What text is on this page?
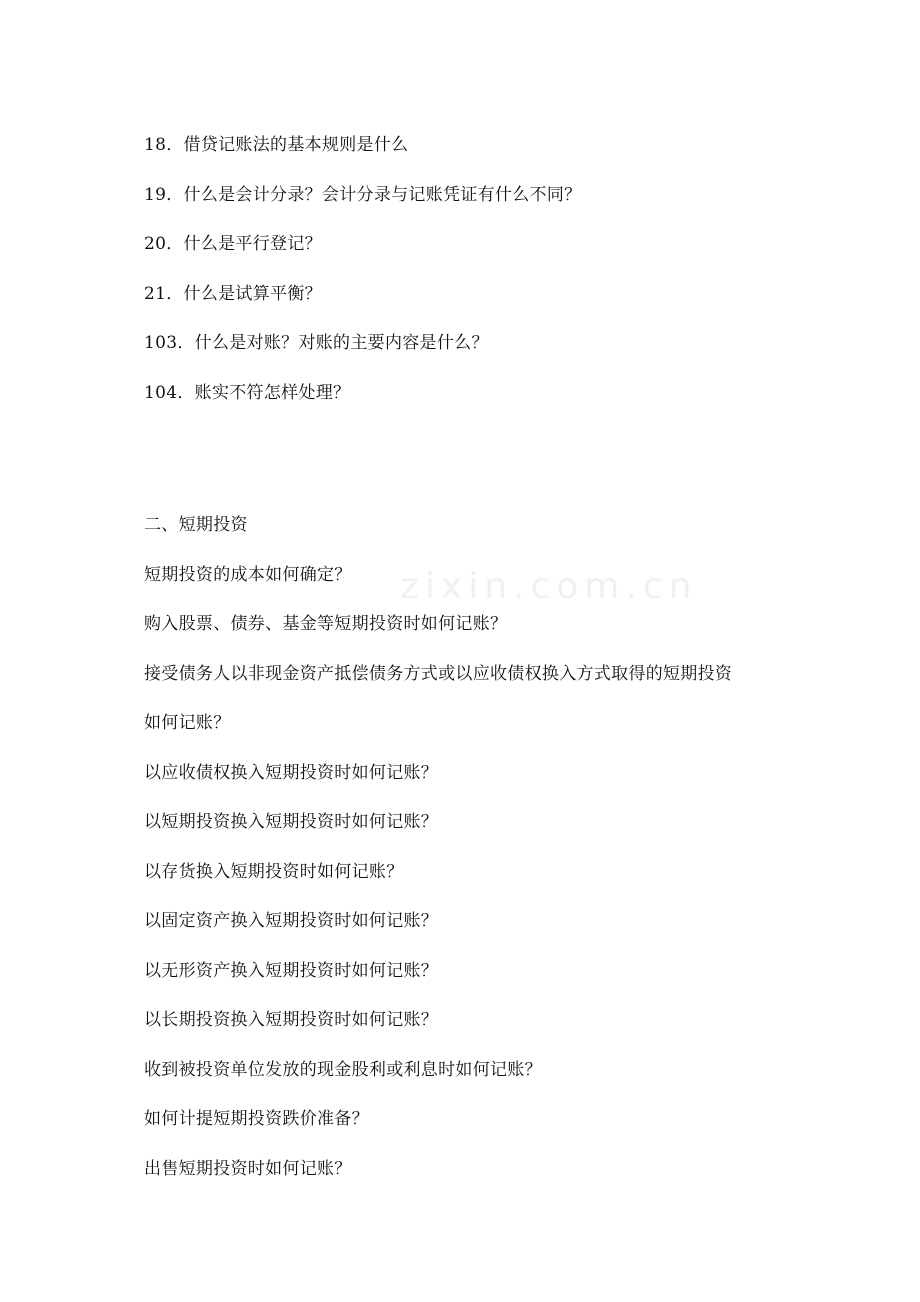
18．借贷记账法的基本规则是什么
19．什么是会计分录？会计分录与记账凭证有什么不同？
20．什么是平行登记？
21．什么是试算平衡？
103．什么是对账？对账的主要内容是什么？
104．账实不符怎样处理？
二、短期投资
短期投资的成本如何确定？
购入股票、债券、基金等短期投资时如何记账？
接受债务人以非现金资产抵偿债务方式或以应收债权换入方式取得的短期投资
如何记账？
以应收债权换入短期投资时如何记账？
以短期投资换入短期投资时如何记账？
以存货换入短期投资时如何记账？
以固定资产换入短期投资时如何记账？
以无形资产换入短期投资时如何记账？
以长期投资换入短期投资时如何记账？
收到被投资单位发放的现金股利或利息时如何记账？
如何计提短期投资跌价准备？
出售短期投资时如何记账？
zixin.com.cn
